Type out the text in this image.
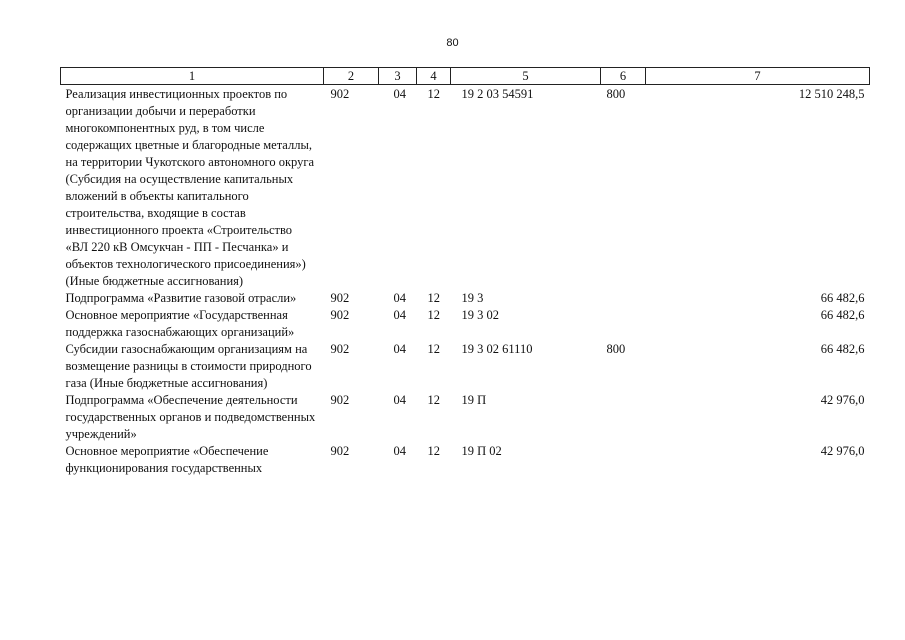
80
1	2	3	4	5	6	7
Реализация инвестиционных проектов по организации добычи и переработки многокомпонентных руд, в том числе содержащих цветные и благородные металлы, на территории Чукотского автономного округа (Субсидия на осуществление капитальных вложений в объекты капитального строительства, входящие в состав инвестиционного проекта «Строительство «ВЛ 220 кВ Омсукчан - ПП - Песчанка» и объектов технологического присоединения») (Иные бюджетные ассигнования)	902	04	12	19 2 03 54591	800	12 510 248,5
Подпрограмма «Развитие газовой отрасли»	902	04	12	19 3		66 482,6
Основное мероприятие «Государственная поддержка газоснабжающих организаций»	902	04	12	19 3 02		66 482,6
Субсидии газоснабжающим организациям на возмещение разницы в стоимости природного газа (Иные бюджетные ассигнования)	902	04	12	19 3 02 61110	800	66 482,6
Подпрограмма «Обеспечение деятельности государственных органов и подведомственных учреждений»	902	04	12	19 П		42 976,0
Основное мероприятие «Обеспечение функционирования государственных	902	04	12	19 П 02		42 976,0
